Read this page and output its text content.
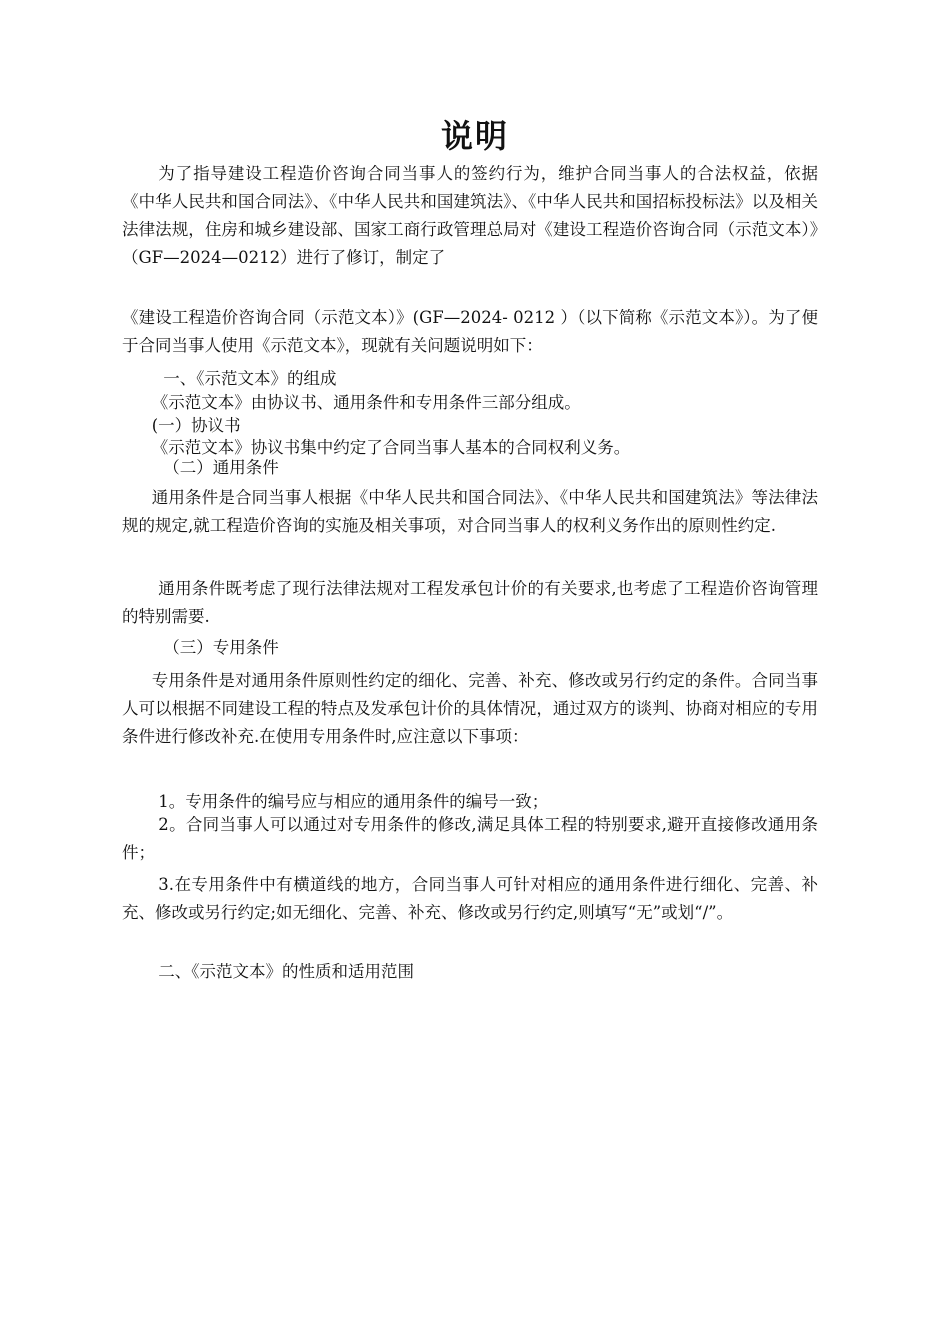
说明

为了指导建设工程造价咨询合同当事人的签约行为，维护合同当事人的合法权益，依据《中华人民共和国合同法》、《中华人民共和国建筑法》、《中华人民共和国招标投标法》以及相关法律法规，住房和城乡建设部、国家工商行政管理总局对《建设工程造价咨询合同（示范文本）》（GF—2024—0212）进行了修订，制定了

《建设工程造价咨询合同（示范文本）》(GF—2024- 0212 ）（以下简称《示范文本》）。为了便于合同当事人使用《示范文本》，现就有关问题说明如下：

一、《示范文本》的组成

《示范文本》由协议书、通用条件和专用条件三部分组成。

(一）协议书

《示范文本》协议书集中约定了合同当事人基本的合同权利义务。

（二）通用条件

通用条件是合同当事人根据《中华人民共和国合同法》、《中华人民共和国建筑法》等法律法规的规定,就工程造价咨询的实施及相关事项，对合同当事人的权利义务作出的原则性约定.

通用条件既考虑了现行法律法规对工程发承包计价的有关要求,也考虑了工程造价咨询管理的特别需要.

（三）专用条件

专用条件是对通用条件原则性约定的细化、完善、补充、修改或另行约定的条件。合同当事人可以根据不同建设工程的特点及发承包计价的具体情况，通过双方的谈判、协商对相应的专用条件进行修改补充.在使用专用条件时,应注意以下事项：

1。专用条件的编号应与相应的通用条件的编号一致；

2。合同当事人可以通过对专用条件的修改,满足具体工程的特别要求,避开直接修改通用条件；

3.在专用条件中有横道线的地方，合同当事人可针对相应的通用条件进行细化、完善、补充、修改或另行约定;如无细化、完善、补充、修改或另行约定,则填写“无”或划“/”。

二、《示范文本》的性质和适用范围
